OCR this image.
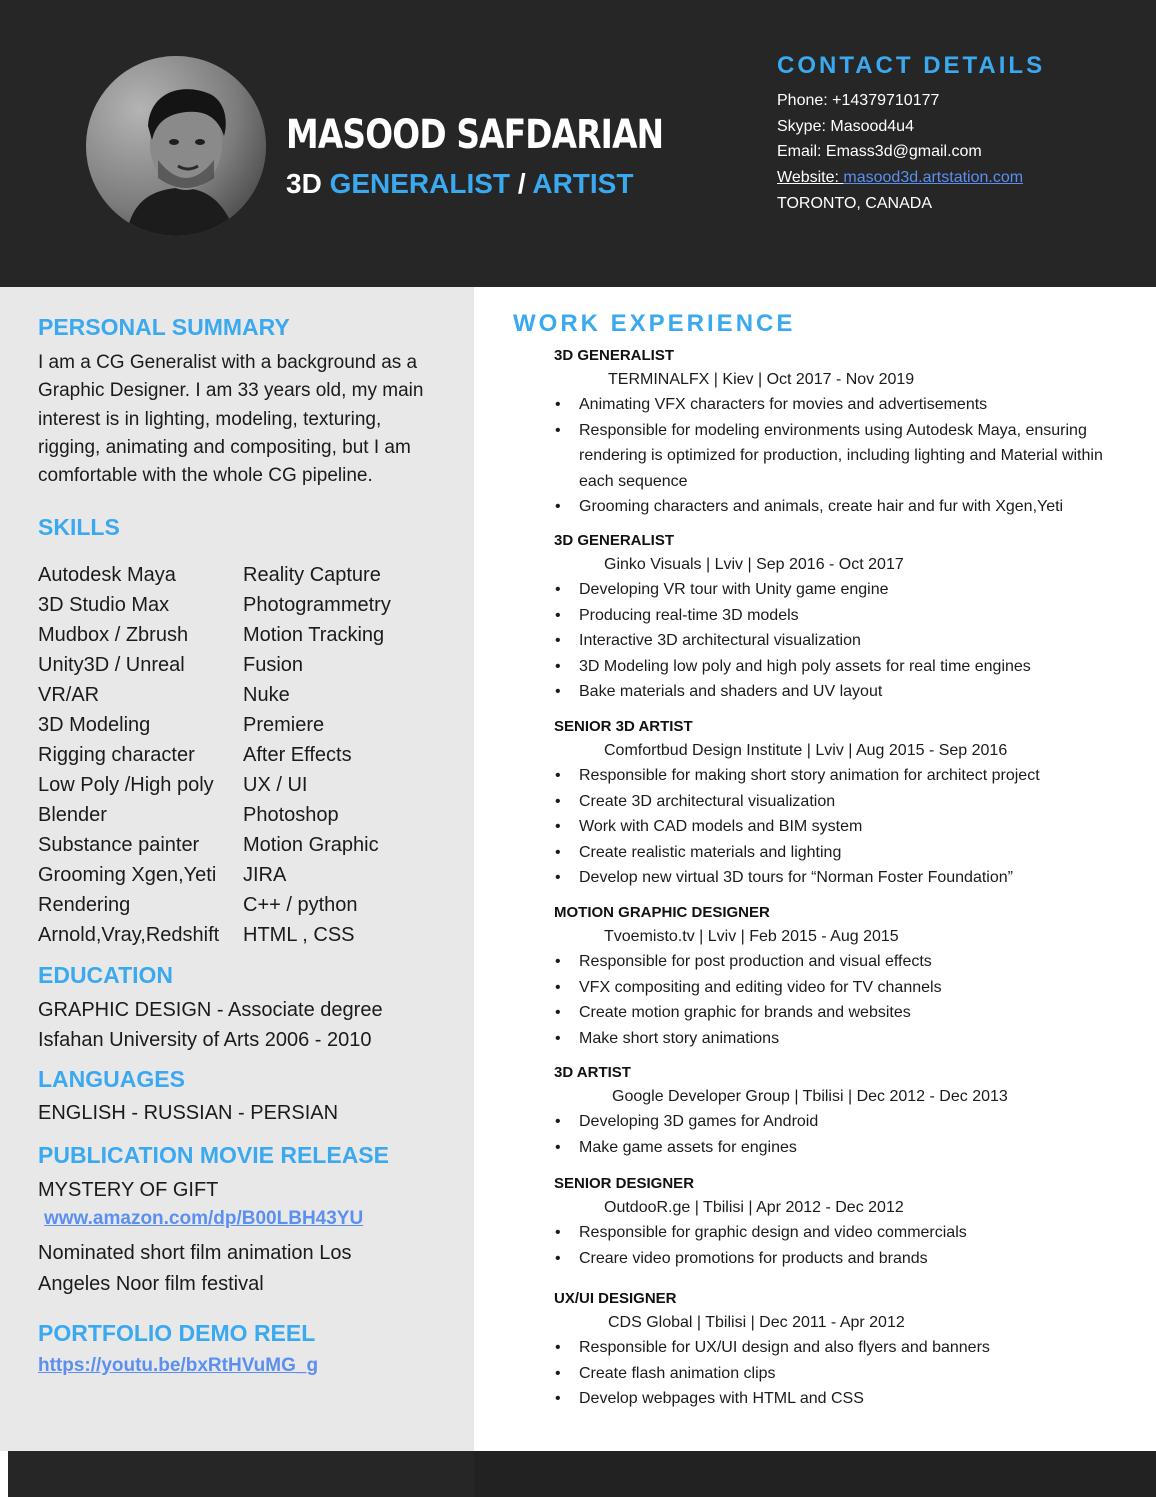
MASOOD SAFDARIAN
3D GENERALIST / ARTIST
CONTACT DETAILS
Phone: +14379710177
Skype: Masood4u4
Email: Emass3d@gmail.com
Website: masood3d.artstation.com
TORONTO, CANADA
PERSONAL SUMMARY
I am a CG Generalist with a background as a Graphic Designer. I am 33 years old, my main interest is in lighting, modeling, texturing, rigging, animating and compositing, but I am comfortable with the whole CG pipeline.
SKILLS
Autodesk Maya	Reality Capture
3D Studio Max	Photogrammetry
Mudbox / Zbrush	Motion Tracking
Unity3D / Unreal	Fusion
VR/AR	Nuke
3D Modeling	Premiere
Rigging character	After Effects
Low Poly /High poly	UX / UI
Blender	Photoshop
Substance painter	Motion Graphic
Grooming Xgen,Yeti	JIRA
Rendering	C++ / python
Arnold,Vray,Redshift	HTML , CSS
EDUCATION
GRAPHIC DESIGN - Associate degree
Isfahan University of Arts 2006 - 2010
LANGUAGES
ENGLISH - RUSSIAN - PERSIAN
PUBLICATION MOVIE RELEASE
MYSTERY OF GIFT
www.amazon.com/dp/B00LBH43YU
Nominated short film animation Los Angeles Noor film festival
PORTFOLIO DEMO REEL
https://youtu.be/bxRtHVuMG_g
WORK EXPERIENCE
3D GENERALIST
TERMINALFX | Kiev | Oct 2017 - Nov 2019
• Animating VFX characters for movies and advertisements
• Responsible for modeling environments using Autodesk Maya, ensuring rendering is optimized for production, including lighting and Material within each sequence
• Grooming characters and animals, create hair and fur with Xgen,Yeti
3D GENERALIST
Ginko Visuals | Lviv | Sep 2016 - Oct 2017
• Developing VR tour with Unity game engine
• Producing real-time 3D models
• Interactive 3D architectural visualization
• 3D Modeling low poly and high poly assets for real time engines
• Bake materials and shaders and UV layout
SENIOR 3D ARTIST
Comfortbud Design Institute | Lviv | Aug 2015 - Sep 2016
• Responsible for making short story animation for architect project
• Create 3D architectural visualization
• Work with CAD models and BIM system
• Create realistic materials and lighting
• Develop new virtual 3D tours for “Norman Foster Foundation”
MOTION GRAPHIC DESIGNER
Tvoemisto.tv | Lviv | Feb 2015 - Aug 2015
• Responsible for post production and visual effects
• VFX compositing and editing video for TV channels
• Create motion graphic for brands and websites
• Make short story animations
3D ARTIST
Google Developer Group | Tbilisi | Dec 2012 - Dec 2013
• Developing 3D games for Android
• Make game assets for engines
SENIOR DESIGNER
OutdooR.ge | Tbilisi | Apr 2012 - Dec 2012
• Responsible for graphic design and video commercials
• Creare video promotions for products and brands
UX/UI DESIGNER
CDS Global | Tbilisi | Dec 2011 - Apr 2012
• Responsible for UX/UI design and also flyers and banners
• Create flash animation clips
• Develop webpages with HTML and CSS
